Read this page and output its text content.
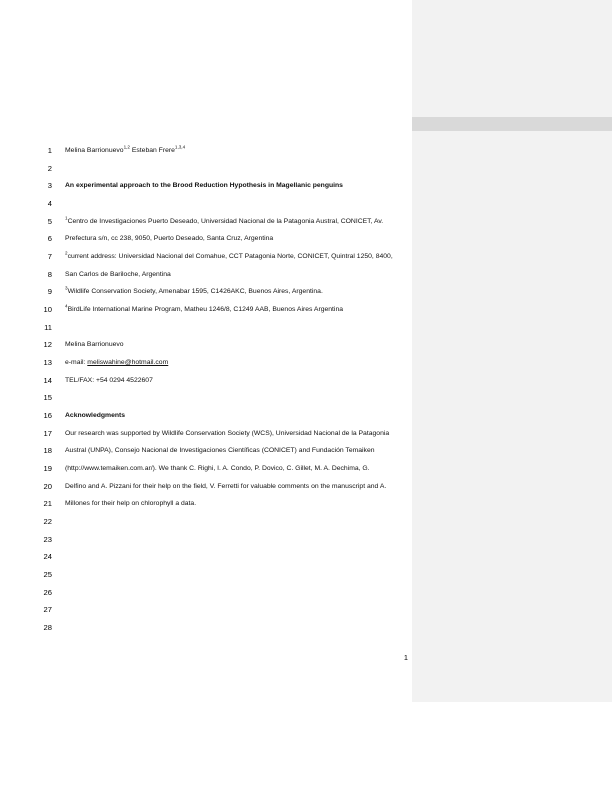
1 Melina Barrionuevo$^{1,2}$ Esteban Frere$^{1,3,4}$
2
3 An experimental approach to the Brood Reduction Hypothesis in Magellanic penguins
4
5	$^1$Centro de Investigaciones Puerto Deseado, Universidad Nacional de la Patagonia Austral, CONICET, Av.
6 Prefectura s/n, cc 238, 9050, Puerto Deseado, Santa Cruz, Argentina
7	$^2$current address: Universidad Nacional del Comahue, CCT Patagonia Norte, CONICET, Quintral 1250, 8400,
8 San Carlos de Bariloche, Argentina
9	$^3$Wildlife Conservation Society, Amenabar 1595, C1426AKC, Buenos Aires, Argentina.
10	$^4$BirdLife International Marine Program, Matheu 1246/8, C1249 AAB, Buenos Aires Argentina
11
12 Melina Barrionuevo
13 e-mail: meliswahine@hotmail.com
14 TEL/FAX: +54 0294 4522607
15
16 Acknowledgments
17 Our research was supported by Wildlife Conservation Society (WCS), Universidad Nacional de la Patagonia
18 Austral (UNPA), Consejo Nacional de Investigaciones Científicas (CONICET) and Fundación Temaiken
19 (http://www.temaiken.com.ar/). We thank C. Righi, I. A. Condo, P. Dovico, C. Gillet, M. A. Dechima, G.
20 Delfino and A. Pizzani for their help on the field, V. Ferretti for valuable comments on the manuscript and A.
21 Millones for their help on chlorophyll a data.
22
23
24
25
26
27
28
1
